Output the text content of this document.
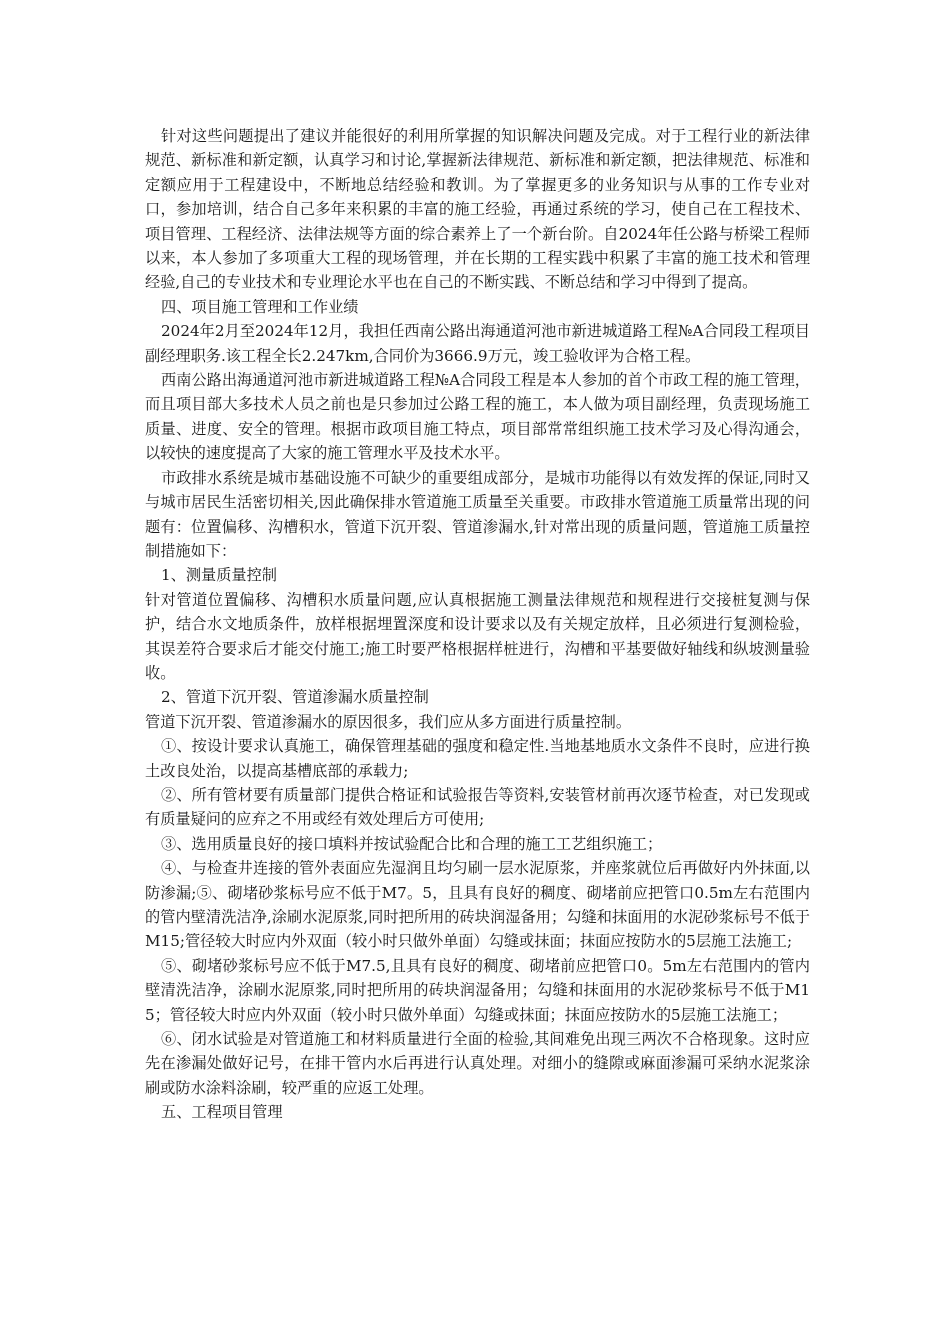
针对这些问题提出了建议并能很好的利用所掌握的知识解决问题及完成。对于工程行业的新法律规范、新标准和新定额，认真学习和讨论,掌握新法律规范、新标准和新定额，把法律规范、标准和定额应用于工程建设中，不断地总结经验和教训。为了掌握更多的业务知识与从事的工作专业对口，参加培训，结合自己多年来积累的丰富的施工经验，再通过系统的学习，使自己在工程技术、项目管理、工程经济、法律法规等方面的综合素养上了一个新台阶。自2024年任公路与桥梁工程师以来，本人参加了多项重大工程的现场管理，并在长期的工程实践中积累了丰富的施工技术和管理经验,自己的专业技术和专业理论水平也在自己的不断实践、不断总结和学习中得到了提高。

四、项目施工管理和工作业绩

2024年2月至2024年12月，我担任西南公路出海通道河池市新进城道路工程№A合同段工程项目副经理职务.该工程全长2.247km,合同价为3666.9万元，竣工验收评为合格工程。

西南公路出海通道河池市新进城道路工程№A合同段工程是本人参加的首个市政工程的施工管理，而且项目部大多技术人员之前也是只参加过公路工程的施工，本人做为项目副经理，负责现场施工质量、进度、安全的管理。根据市政项目施工特点，项目部常常组织施工技术学习及心得沟通会，以较快的速度提高了大家的施工管理水平及技术水平。

市政排水系统是城市基础设施不可缺少的重要组成部分，是城市功能得以有效发挥的保证,同时又与城市居民生活密切相关,因此确保排水管道施工质量至关重要。市政排水管道施工质量常出现的问题有：位置偏移、沟槽积水，管道下沉开裂、管道渗漏水,针对常出现的质量问题，管道施工质量控制措施如下：

1、测量质量控制

针对管道位置偏移、沟槽积水质量问题,应认真根据施工测量法律规范和规程进行交接桩复测与保护，结合水文地质条件，放样根据埋置深度和设计要求以及有关规定放样，且必须进行复测检验，其误差符合要求后才能交付施工;施工时要严格根据样桩进行，沟槽和平基要做好轴线和纵坡测量验收。

2、管道下沉开裂、管道渗漏水质量控制

管道下沉开裂、管道渗漏水的原因很多，我们应从多方面进行质量控制。

①、按设计要求认真施工，确保管理基础的强度和稳定性.当地基地质水文条件不良时，应进行换土改良处治，以提高基槽底部的承载力;

②、所有管材要有质量部门提供合格证和试验报告等资料,安装管材前再次逐节检查，对已发现或有质量疑问的应弃之不用或经有效处理后方可使用;

③、选用质量良好的接口填料并按试验配合比和合理的施工工艺组织施工；

④、与检查井连接的管外表面应先湿润且均匀刷一层水泥原浆，并座浆就位后再做好内外抹面,以防渗漏;⑤、砌堵砂浆标号应不低于M7。5，且具有良好的稠度、砌堵前应把管口0.5m左右范围内的管内壁清洗洁净,涂刷水泥原浆,同时把所用的砖块润湿备用；勾缝和抹面用的水泥砂浆标号不低于M15;管径较大时应内外双面（较小时只做外单面）勾缝或抹面；抹面应按防水的5层施工法施工;

⑤、砌堵砂浆标号应不低于M7.5,且具有良好的稠度、砌堵前应把管口0。5m左右范围内的管内壁清洗洁净，涂刷水泥原浆,同时把所用的砖块润湿备用；勾缝和抹面用的水泥砂浆标号不低于M15；管径较大时应内外双面（较小时只做外单面）勾缝或抹面；抹面应按防水的5层施工法施工；

⑥、闭水试验是对管道施工和材料质量进行全面的检验,其间难免出现三两次不合格现象。这时应先在渗漏处做好记号，在排干管内水后再进行认真处理。对细小的缝隙或麻面渗漏可采纳水泥浆涂刷或防水涂料涂刷，较严重的应返工处理。

五、工程项目管理
